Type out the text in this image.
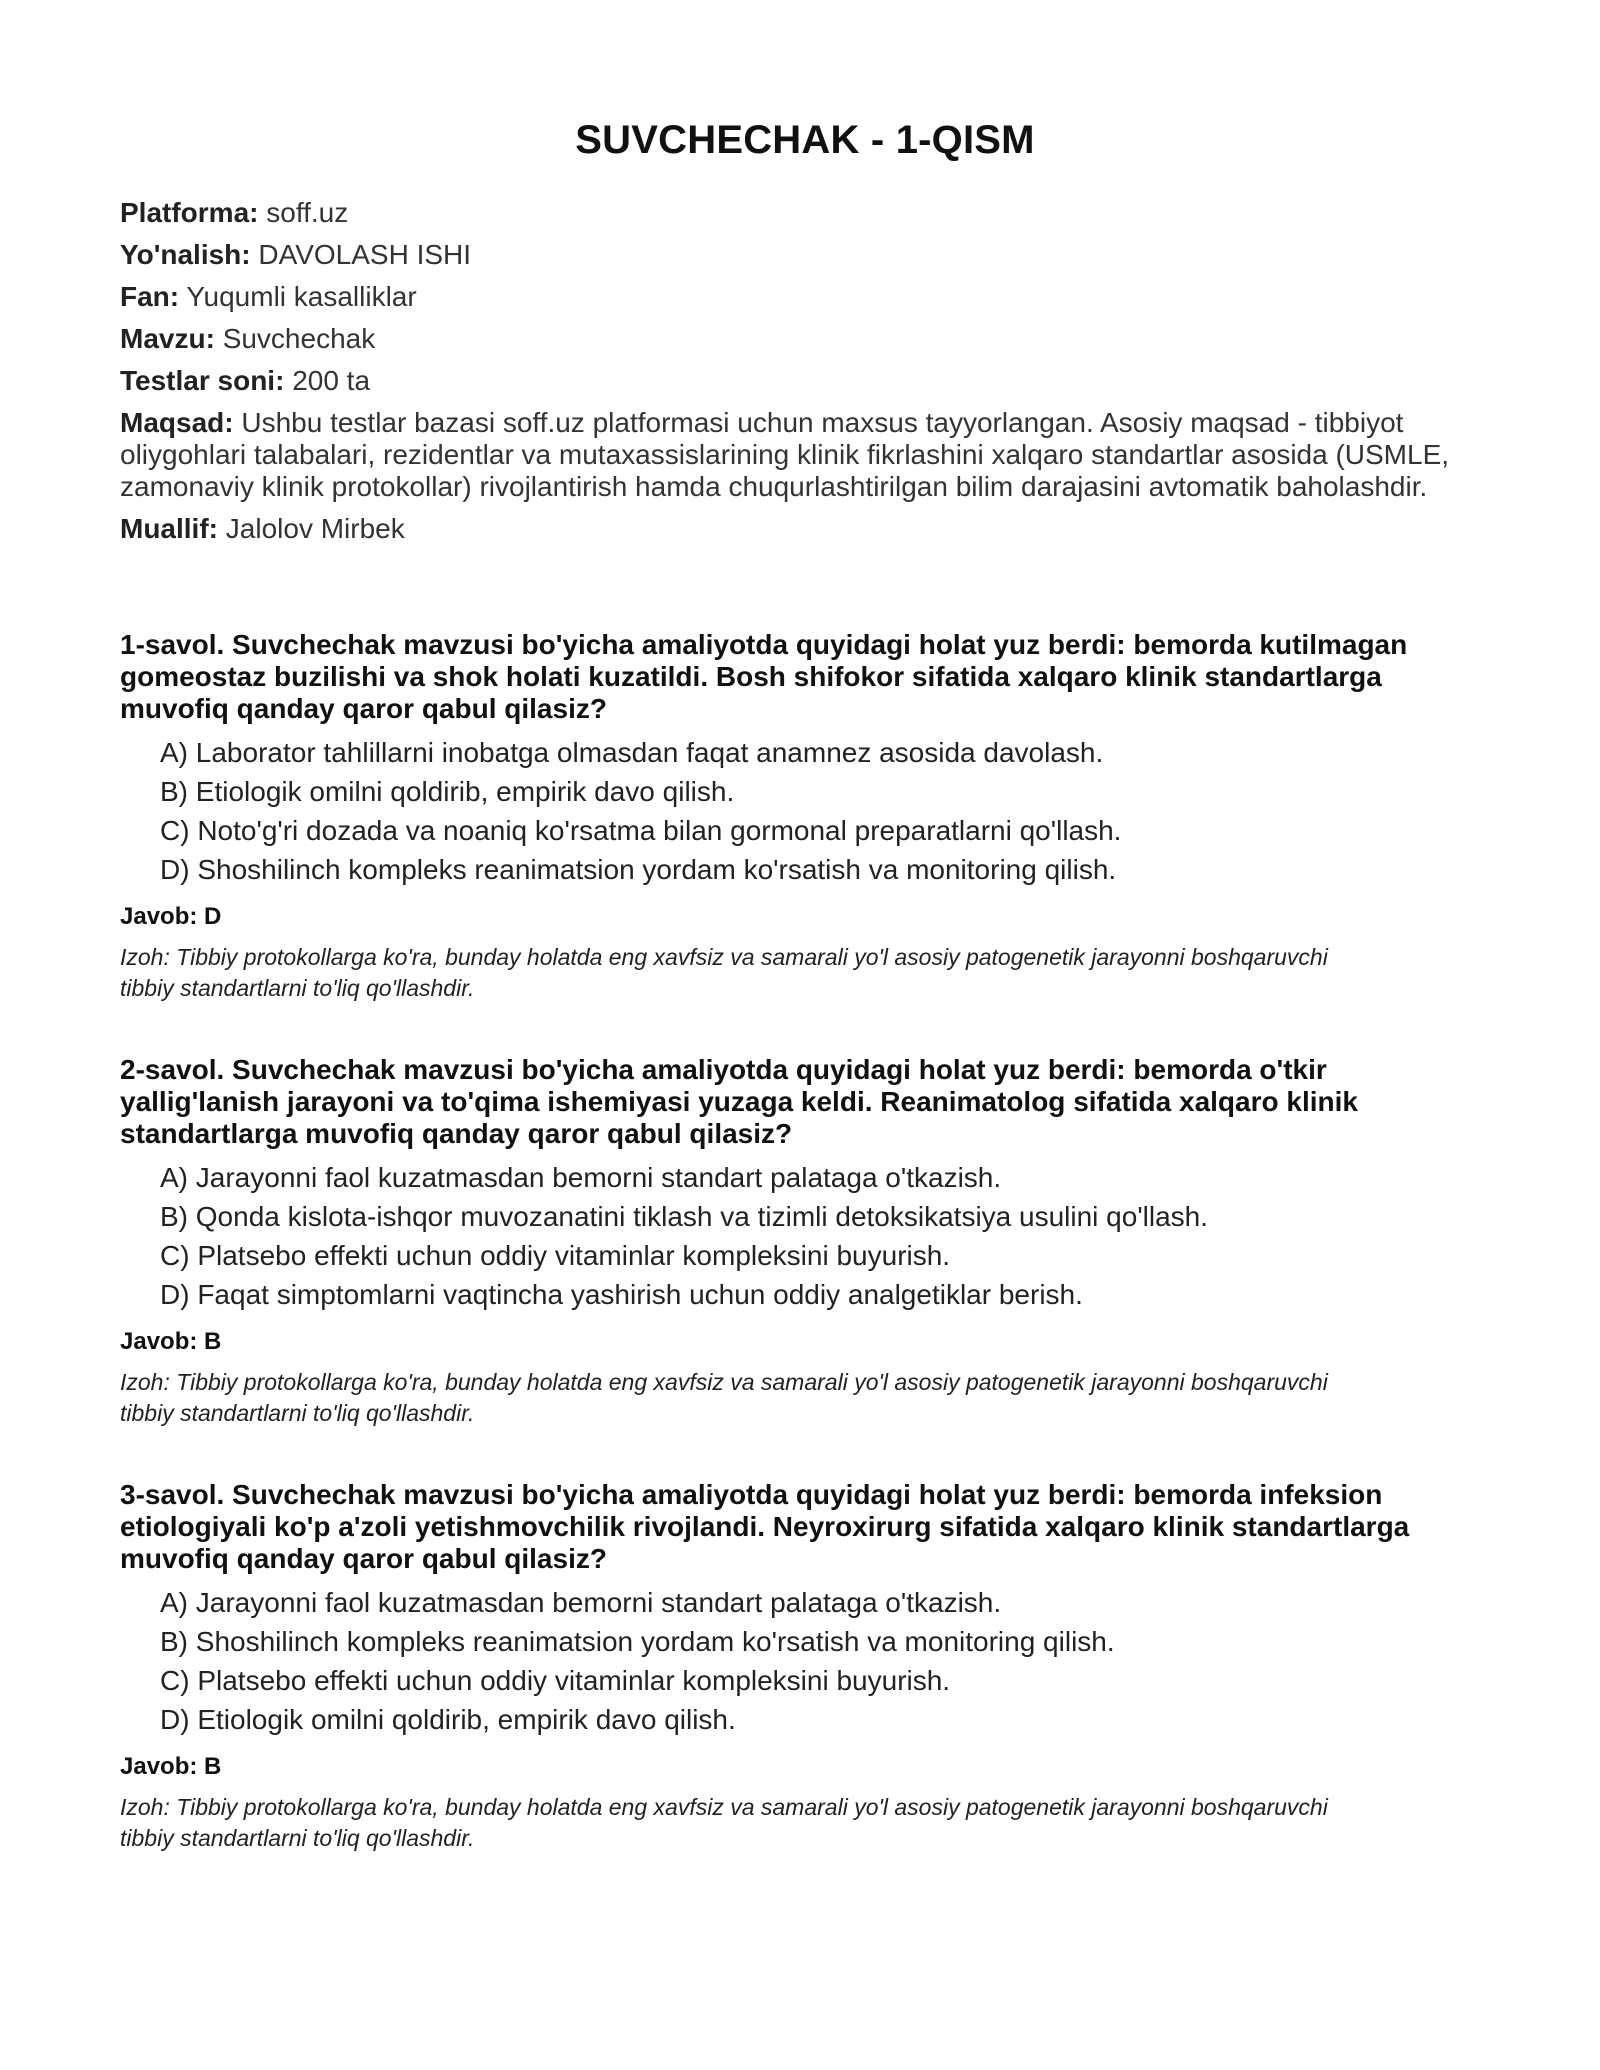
SUVCHECHAK - 1-QISM

Platforma: soff.uz

Yo'nalish: DAVOLASH ISHI

Fan: Yuqumli kasalliklar

Mavzu: Suvchechak

Testlar soni: 200 ta

Maqsad: Ushbu testlar bazasi soff.uz platformasi uchun maxsus tayyorlangan. Asosiy maqsad - tibbiyot oliygohlari talabalari, rezidentlar va mutaxassislarining klinik fikrlashini xalqaro standartlar asosida (USMLE, zamonaviy klinik protokollar) rivojlantirish hamda chuqurlashtirilgan bilim darajasini avtomatik baholashdir.

Muallif: Jalolov Mirbek

1-savol. Suvchechak mavzusi bo'yicha amaliyotda quyidagi holat yuz berdi: bemorda kutilmagan gomeostaz buzilishi va shok holati kuzatildi. Bosh shifokor sifatida xalqaro klinik standartlarga muvofiq qanday qaror qabul qilasiz?

A) Laborator tahlillarni inobatga olmasdan faqat anamnez asosida davolash.
B) Etiologik omilni qoldirib, empirik davo qilish.
C) Noto'g'ri dozada va noaniq ko'rsatma bilan gormonal preparatlarni qo'llash.
D) Shoshilinch kompleks reanimatsion yordam ko'rsatish va monitoring qilish.

Javob: D

Izoh: Tibbiy protokollarga ko'ra, bunday holatda eng xavfsiz va samarali yo'l asosiy patogenetik jarayonni boshqaruvchi tibbiy standartlarni to'liq qo'llashdir.

2-savol. Suvchechak mavzusi bo'yicha amaliyotda quyidagi holat yuz berdi: bemorda o'tkir yallig'lanish jarayoni va to'qima ishemiyasi yuzaga keldi. Reanimatolog sifatida xalqaro klinik standartlarga muvofiq qanday qaror qabul qilasiz?

A) Jarayonni faol kuzatmasdan bemorni standart palataga o'tkazish.
B) Qonda kislota-ishqor muvozanatini tiklash va tizimli detoksikatsiya usulini qo'llash.
C) Platsebo effekti uchun oddiy vitaminlar kompleksini buyurish.
D) Faqat simptomlarni vaqtincha yashirish uchun oddiy analgetiklar berish.

Javob: B

Izoh: Tibbiy protokollarga ko'ra, bunday holatda eng xavfsiz va samarali yo'l asosiy patogenetik jarayonni boshqaruvchi tibbiy standartlarni to'liq qo'llashdir.

3-savol. Suvchechak mavzusi bo'yicha amaliyotda quyidagi holat yuz berdi: bemorda infeksion etiologiyali ko'p a'zoli yetishmovchilik rivojlandi. Neyroxirurg sifatida xalqaro klinik standartlarga muvofiq qanday qaror qabul qilasiz?

A) Jarayonni faol kuzatmasdan bemorni standart palataga o'tkazish.
B) Shoshilinch kompleks reanimatsion yordam ko'rsatish va monitoring qilish.
C) Platsebo effekti uchun oddiy vitaminlar kompleksini buyurish.
D) Etiologik omilni qoldirib, empirik davo qilish.

Javob: B

Izoh: Tibbiy protokollarga ko'ra, bunday holatda eng xavfsiz va samarali yo'l asosiy patogenetik jarayonni boshqaruvchi tibbiy standartlarni to'liq qo'llashdir.
